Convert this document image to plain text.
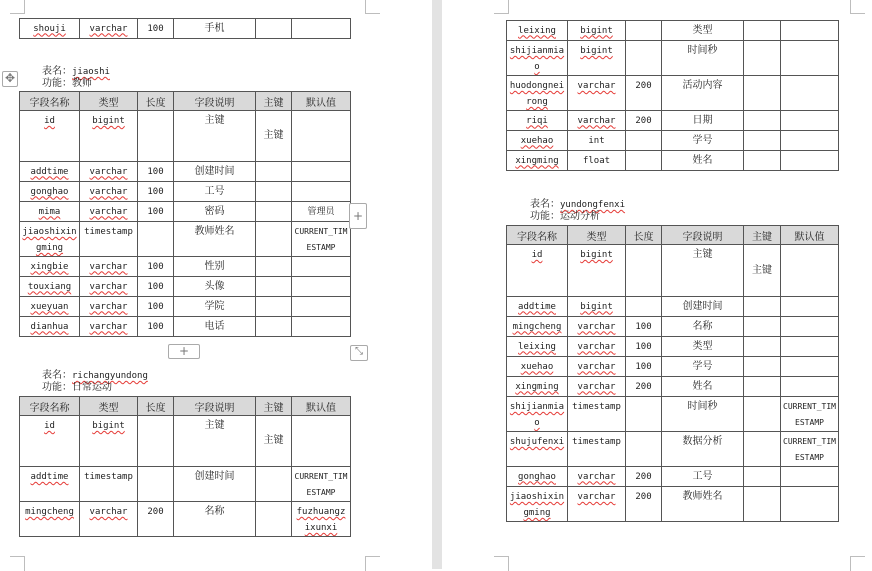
shouji	varchar	100	手机		
✥	表名：jiaoshi
功能：教师
字段名称	类型	长度	字段说明	主键	默认值
id	bigint		主键	主键	
addtime	varchar	100	创建时间		
gonghao	varchar	100	工号		
mima	varchar	100	密码		管理员
jiaoshixingming	timestamp		教师姓名		CURRENT_TIMESTAMP
xingbie	varchar	100	性别		
touxiang	varchar	100	头像		
xueyuan	varchar	100	学院		
dianhua	varchar	100	电话		
+
+	⤡
表名：richangyundong
功能：日常运动
字段名称	类型	长度	字段说明	主键	默认值
id	bigint		主键	主键	
addtime	timestamp		创建时间		CURRENT_TIMESTAMP
mingcheng	varchar	200	名称		fuzhuangzixunxi
leixing	bigint		类型		
shijianmiao	bigint		时间秒		
huodongneirong	varchar	200	活动内容		
riqi	varchar	200	日期		
xuehao	int		学号		
xingming	float		姓名		
表名：yundongfenxi
功能：运动分析
字段名称	类型	长度	字段说明	主键	默认值
id	bigint		主键	主键	
addtime	bigint		创建时间		
mingcheng	varchar	100	名称		
leixing	varchar	100	类型		
xuehao	varchar	100	学号		
xingming	varchar	200	姓名		
shijianmiao	timestamp		时间秒		CURRENT_TIMESTAMP
shujufenxi	timestamp		数据分析		CURRENT_TIMESTAMP
gonghao	varchar	200	工号		
jiaoshixingming	varchar	200	教师姓名		
